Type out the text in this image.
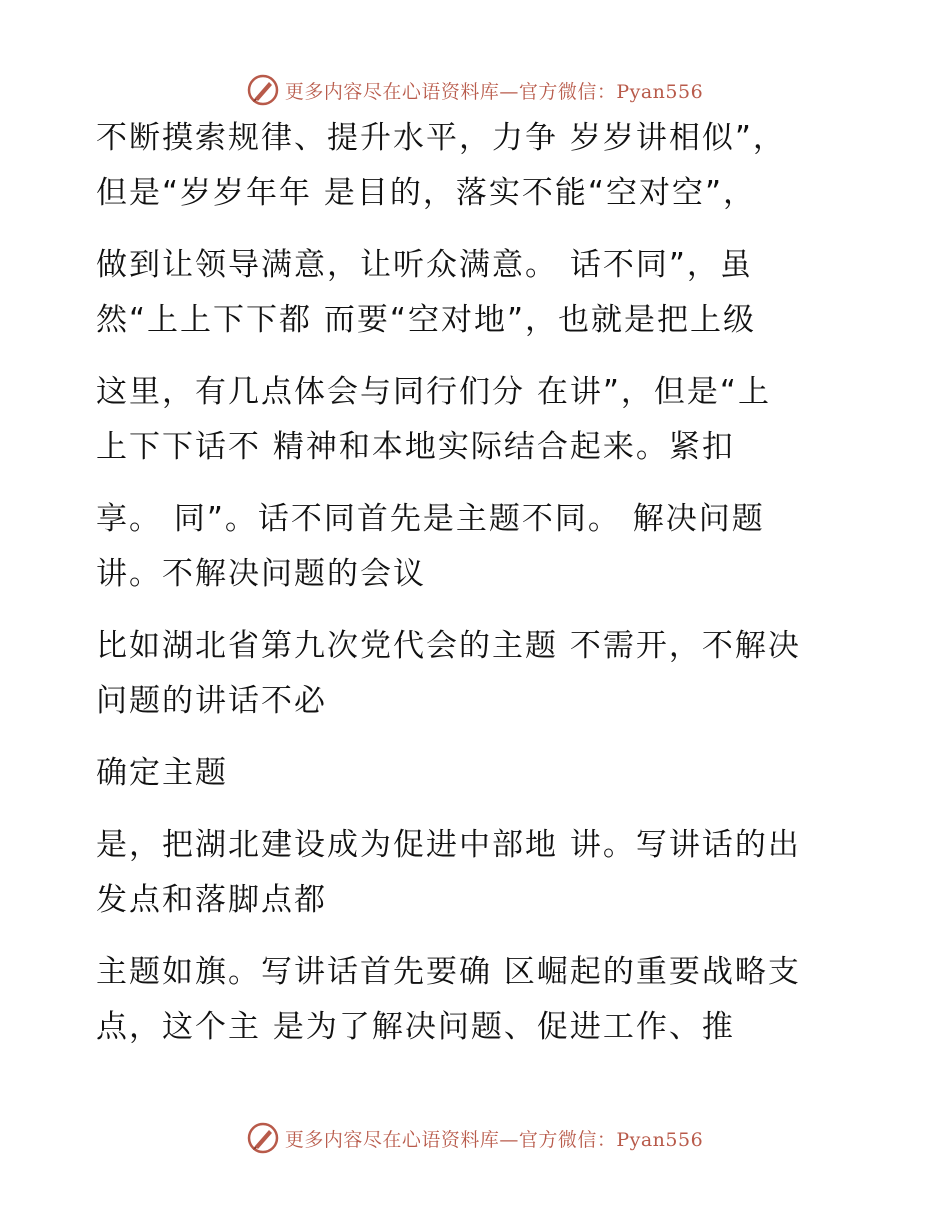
更多内容尽在心语资料库—官方微信：Pyan556
不断摸索规律、提升水平，力争 岁岁讲相似”，
但是“岁岁年年 是目的，落实不能“空对空”，
做到让领导满意，让听众满意。 话不同”，虽
然“上上下下都 而要“空对地”，也就是把上级
这里，有几点体会与同行们分 在讲”，但是“上
上下下话不 精神和本地实际结合起来。紧扣
享。 同”。话不同首先是主题不同。 解决问题
讲。不解决问题的会议
比如湖北省第九次党代会的主题 不需开，不解决
问题的讲话不必
确定主题
是，把湖北建设成为促进中部地 讲。写讲话的出
发点和落脚点都
主题如旗。写讲话首先要确 区崛起的重要战略支
点，这个主 是为了解决问题、促进工作、推
更多内容尽在心语资料库—官方微信：Pyan556
